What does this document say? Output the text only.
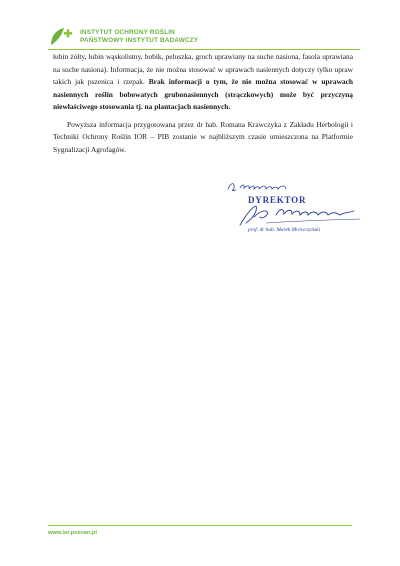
INSTYTUT OCHRONY ROŚLIN
PAŃSTWOWY INSTYTUT BADAWCZY

łubin żółty, łubin wąskolistny, bobik, peluszka, groch uprawiany na suche nasiona, fasola uprawiana na suche nasiona). Informacja, że nie można stosować w uprawach nasiennych dotyczy tylko upraw takich jak pszenica i rzepak. Brak informacji o tym, że nie można stosować w uprawach nasiennych roślin bobowatych grubonasiennych (strączkowych) może być przyczyną niewłaściwego stosowania tj. na plantacjach nasiennych.

Powyższa informacja przygotowana przez dr hab. Romana Krawczyka z Zakładu Herbologii i Techniki Ochrony Roślin IOR – PIB zostanie w najbliższym czasie umieszczona na Platformie Sygnalizacji Agrofagów.

DYREKTOR
prof. dr hab. Marek Mrówczyński
www.ior.poznan.pl
